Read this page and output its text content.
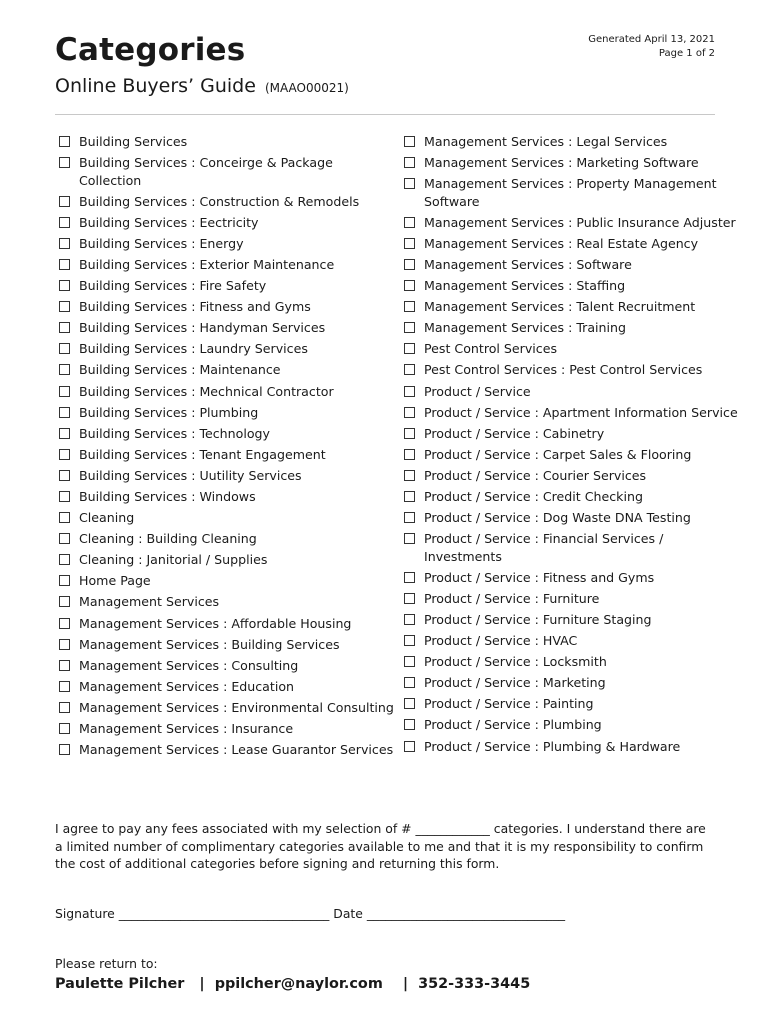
Categories
Online Buyers’ Guide (MAAO00021)
Generated April 13, 2021
Page 1 of 2
Building Services
Building Services : Conceirge & Package Collection
Building Services : Construction & Remodels
Building Services : Eectricity
Building Services : Energy
Building Services : Exterior Maintenance
Building Services : Fire Safety
Building Services : Fitness and Gyms
Building Services : Handyman Services
Building Services : Laundry Services
Building Services : Maintenance
Building Services : Mechnical Contractor
Building Services : Plumbing
Building Services : Technology
Building Services : Tenant Engagement
Building Services : Uutility Services
Building Services : Windows
Cleaning
Cleaning : Building Cleaning
Cleaning : Janitorial / Supplies
Home Page
Management Services
Management Services : Affordable Housing
Management Services : Building Services
Management Services : Consulting
Management Services : Education
Management Services : Environmental Consulting
Management Services : Insurance
Management Services : Lease Guarantor Services
Management Services : Legal Services
Management Services : Marketing Software
Management Services : Property Management Software
Management Services : Public Insurance Adjuster
Management Services : Real Estate Agency
Management Services : Software
Management Services : Staffing
Management Services : Talent Recruitment
Management Services : Training
Pest Control Services
Pest Control Services : Pest Control Services
Product / Service
Product / Service : Apartment Information Service
Product / Service : Cabinetry
Product / Service : Carpet Sales & Flooring
Product / Service : Courier Services
Product / Service : Credit Checking
Product / Service : Dog Waste DNA Testing
Product / Service : Financial Services / Investments
Product / Service : Fitness and Gyms
Product / Service : Furniture
Product / Service : Furniture Staging
Product / Service : HVAC
Product / Service : Locksmith
Product / Service : Marketing
Product / Service : Painting
Product / Service : Plumbing
Product / Service : Plumbing & Hardware

I agree to pay any fees associated with my selection of # ____________ categories. I understand there are a limited number of complimentary categories available to me and that it is my responsibility to confirm the cost of additional categories before signing and returning this form.

Signature __________________________________ Date ________________________________
Please return to:
Paulette Pilcher   |  ppilcher@naylor.com    |  352-333-3445
